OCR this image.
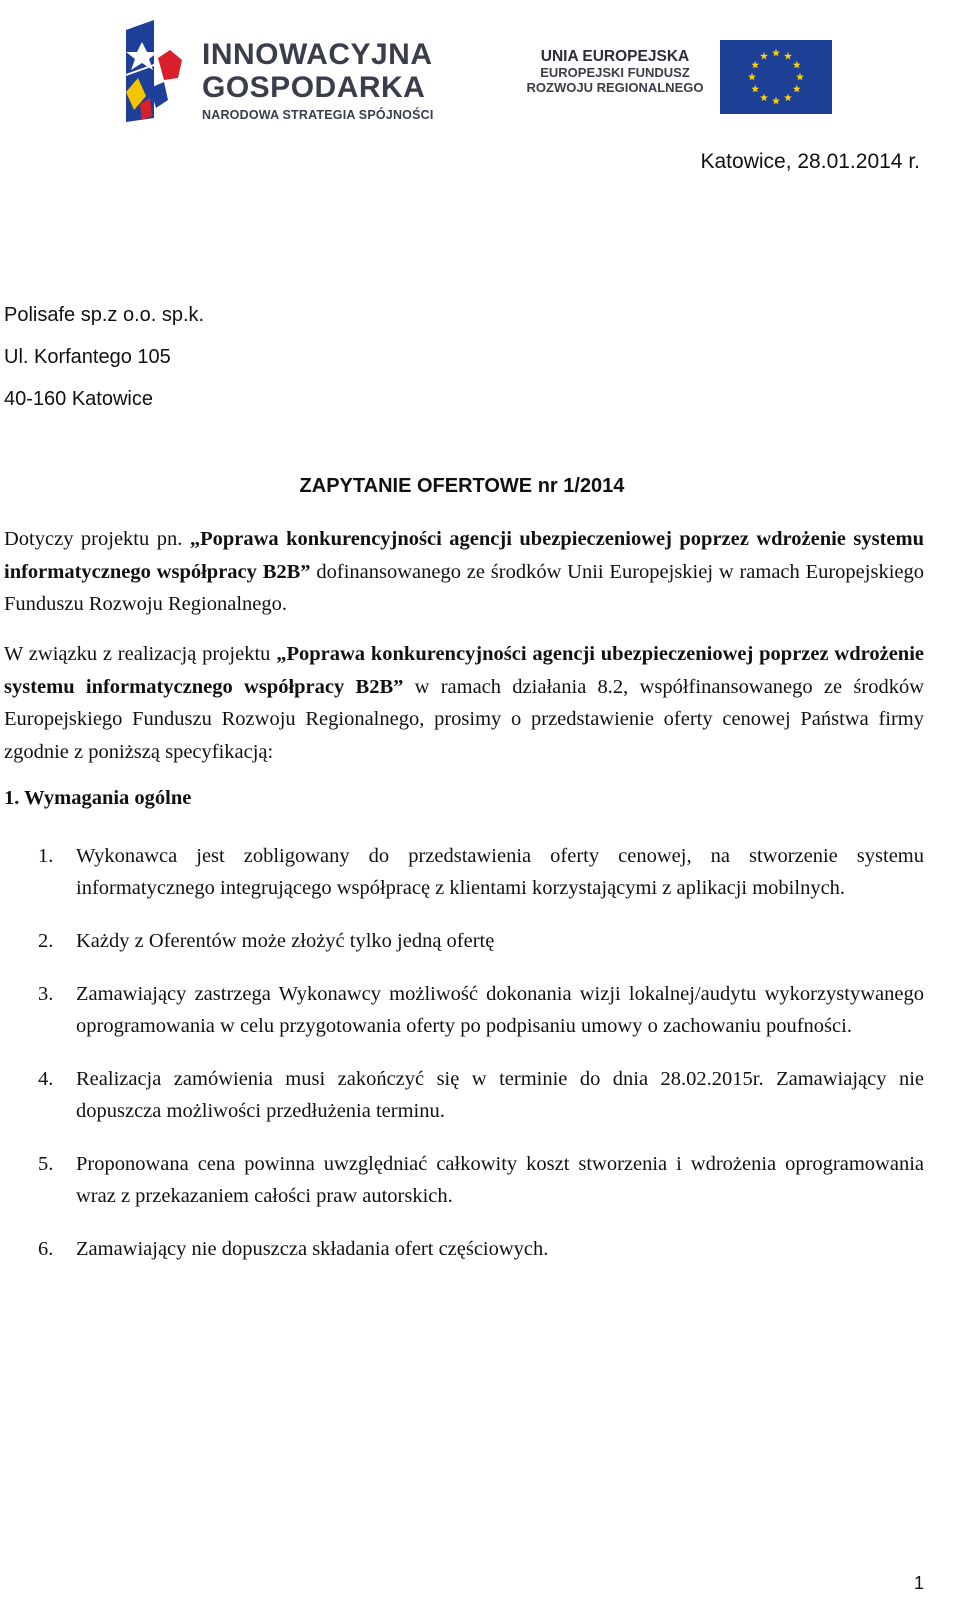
INNOWACYJNA
GOSPODARKA
NARODOWA STRATEGIA SPÓJNOŚCI
UNIA EUROPEJSKA
EUROPEJSKI FUNDUSZ
ROZWOJU REGIONALNEGO
Katowice, 28.01.2014 r.
Polisafe sp.z o.o. sp.k.
Ul. Korfantego 105
40-160 Katowice
ZAPYTANIE OFERTOWE nr 1/2014
Dotyczy projektu pn. „Poprawa konkurencyjności agencji ubezpieczeniowej poprzez wdrożenie systemu informatycznego współpracy B2B” dofinansowanego ze środków Unii Europejskiej w ramach Europejskiego Funduszu Rozwoju Regionalnego.
W związku z realizacją projektu „Poprawa konkurencyjności agencji ubezpieczeniowej poprzez wdrożenie systemu informatycznego współpracy B2B” w ramach działania 8.2, współfinansowanego ze środków Europejskiego Funduszu Rozwoju Regionalnego, prosimy o przedstawienie oferty cenowej Państwa firmy zgodnie z poniższą specyfikacją:
1. Wymagania ogólne
1. Wykonawca jest zobligowany do przedstawienia oferty cenowej, na stworzenie systemu informatycznego integrującego współpracę z klientami korzystającymi z aplikacji mobilnych.
2. Każdy z Oferentów może złożyć tylko jedną ofertę
3. Zamawiający zastrzega Wykonawcy możliwość dokonania wizji lokalnej/audytu wykorzystywanego oprogramowania w celu przygotowania oferty po podpisaniu umowy o zachowaniu poufności.
4. Realizacja zamówienia musi zakończyć się w terminie do dnia 28.02.2015r. Zamawiający nie dopuszcza możliwości przedłużenia terminu.
5. Proponowana cena powinna uwzględniać całkowity koszt stworzenia i wdrożenia oprogramowania wraz z przekazaniem całości praw autorskich.
6. Zamawiający nie dopuszcza składania ofert częściowych.
1
